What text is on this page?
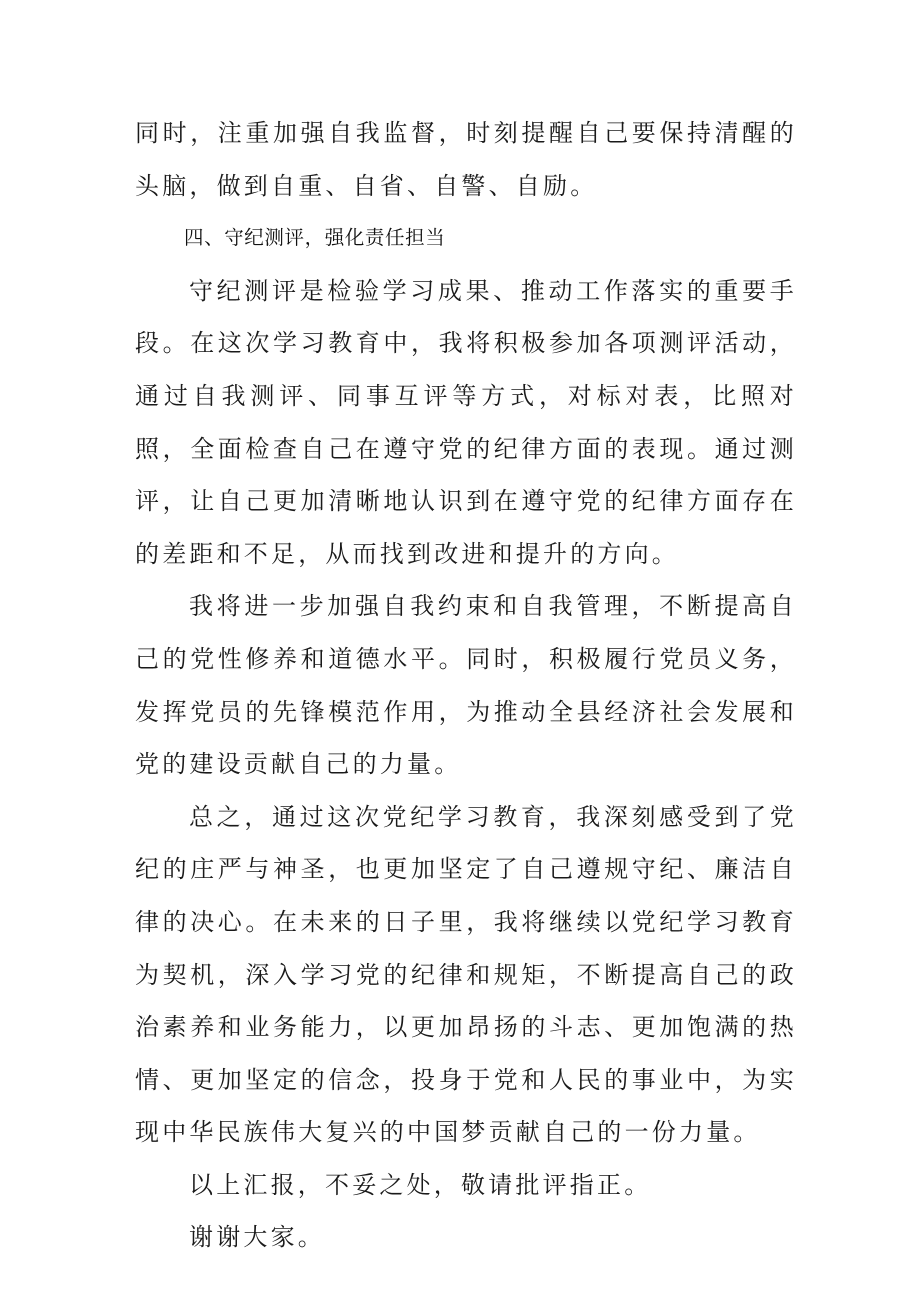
同时，注重加强自我监督，时刻提醒自己要保持清醒的头脑，做到自重、自省、自警、自励。

四、守纪测评，强化责任担当

守纪测评是检验学习成果、推动工作落实的重要手段。在这次学习教育中，我将积极参加各项测评活动，通过自我测评、同事互评等方式，对标对表，比照对照，全面检查自己在遵守党的纪律方面的表现。通过测评，让自己更加清晰地认识到在遵守党的纪律方面存在的差距和不足，从而找到改进和提升的方向。

我将进一步加强自我约束和自我管理，不断提高自己的党性修养和道德水平。同时，积极履行党员义务，发挥党员的先锋模范作用，为推动全县经济社会发展和党的建设贡献自己的力量。

总之，通过这次党纪学习教育，我深刻感受到了党纪的庄严与神圣，也更加坚定了自己遵规守纪、廉洁自律的决心。在未来的日子里，我将继续以党纪学习教育为契机，深入学习党的纪律和规矩，不断提高自己的政治素养和业务能力，以更加昂扬的斗志、更加饱满的热情、更加坚定的信念，投身于党和人民的事业中，为实现中华民族伟大复兴的中国梦贡献自己的一份力量。

以上汇报，不妥之处，敬请批评指正。

谢谢大家。
